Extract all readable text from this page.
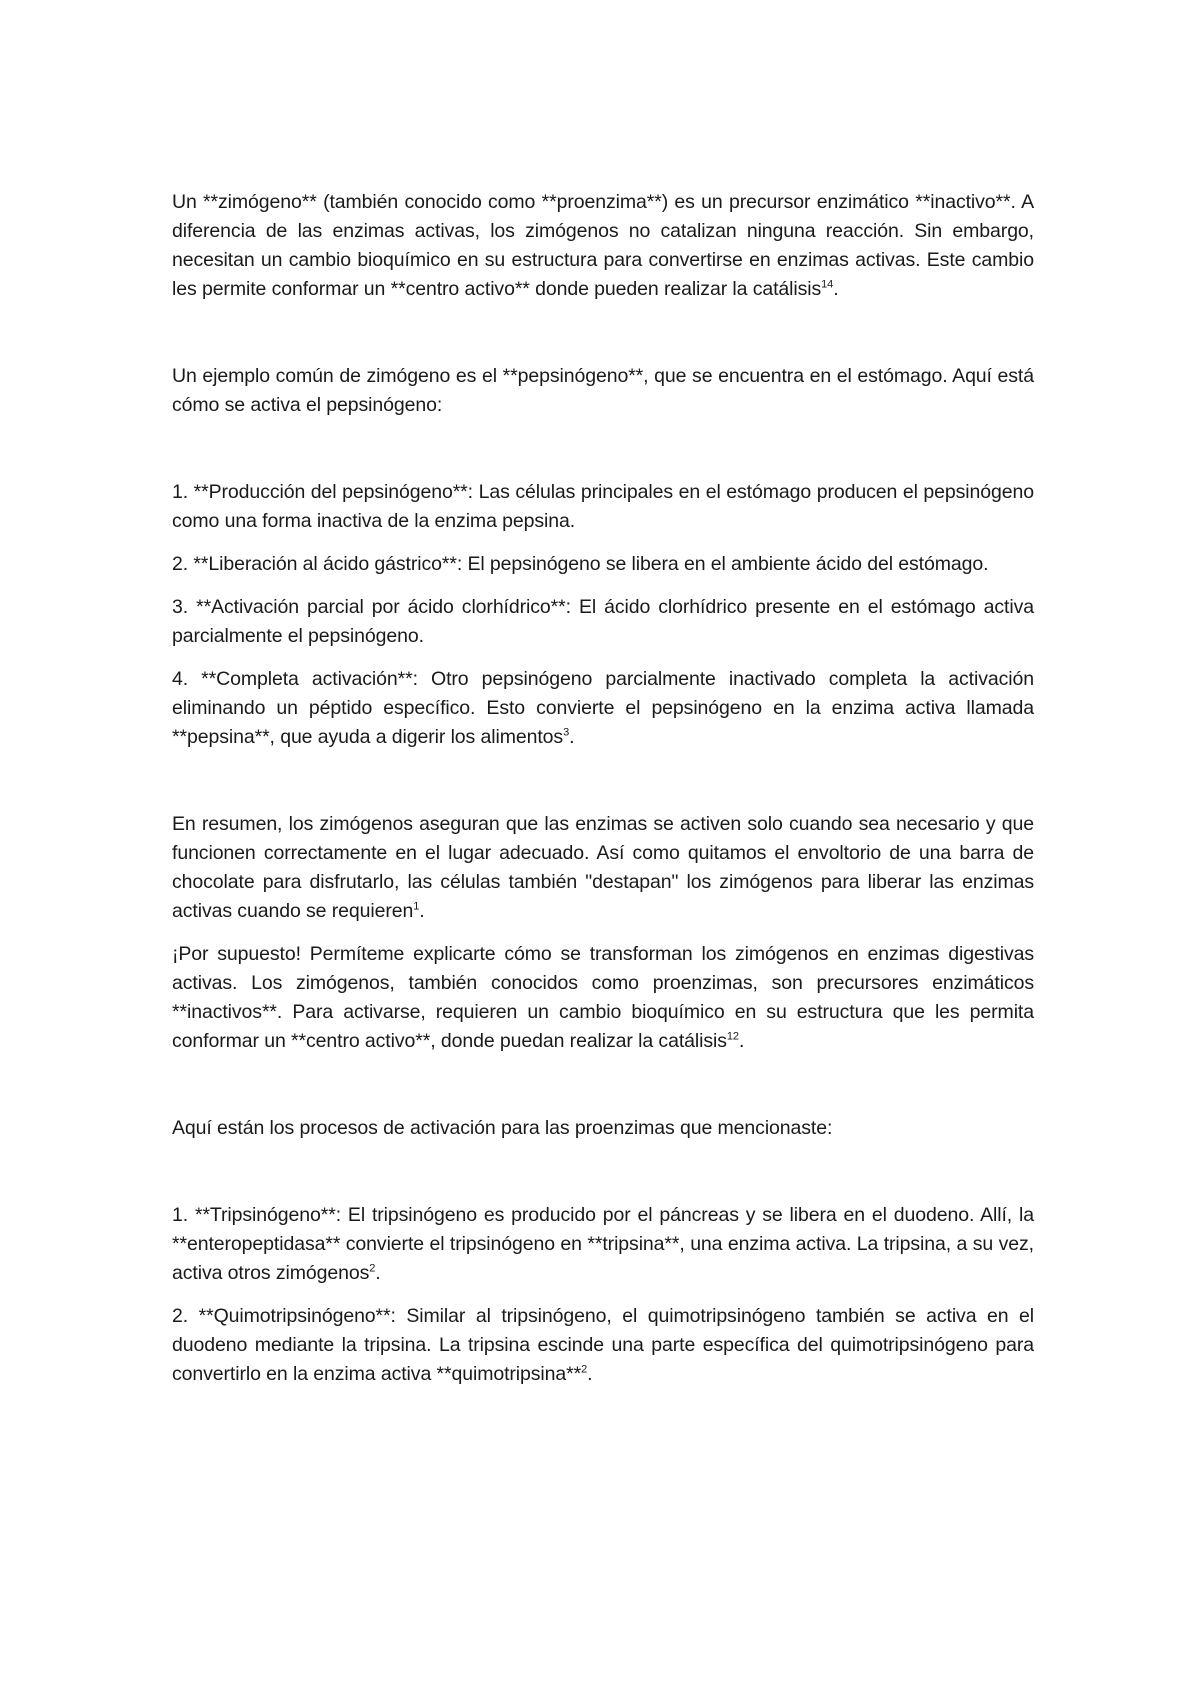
Un **zimógeno** (también conocido como **proenzima**) es un precursor enzimático **inactivo**. A diferencia de las enzimas activas, los zimógenos no catalizan ninguna reacción. Sin embargo, necesitan un cambio bioquímico en su estructura para convertirse en enzimas activas. Este cambio les permite conformar un **centro activo** donde pueden realizar la catálisis$^{14}$.

Un ejemplo común de zimógeno es el **pepsinógeno**, que se encuentra en el estómago. Aquí está cómo se activa el pepsinógeno:

1. **Producción del pepsinógeno**: Las células principales en el estómago producen el pepsinógeno como una forma inactiva de la enzima pepsina.

2. **Liberación al ácido gástrico**: El pepsinógeno se libera en el ambiente ácido del estómago.

3. **Activación parcial por ácido clorhídrico**: El ácido clorhídrico presente en el estómago activa parcialmente el pepsinógeno.

4. **Completa activación**: Otro pepsinógeno parcialmente inactivado completa la activación eliminando un péptido específico. Esto convierte el pepsinógeno en la enzima activa llamada **pepsina**, que ayuda a digerir los alimentos$^3$.

En resumen, los zimógenos aseguran que las enzimas se activen solo cuando sea necesario y que funcionen correctamente en el lugar adecuado. Así como quitamos el envoltorio de una barra de chocolate para disfrutarlo, las células también "destapan" los zimógenos para liberar las enzimas activas cuando se requieren$^1$.

¡Por supuesto! Permíteme explicarte cómo se transforman los zimógenos en enzimas digestivas activas. Los zimógenos, también conocidos como proenzimas, son precursores enzimáticos **inactivos**. Para activarse, requieren un cambio bioquímico en su estructura que les permita conformar un **centro activo**, donde puedan realizar la catálisis$^{12}$.

Aquí están los procesos de activación para las proenzimas que mencionaste:

1. **Tripsinógeno**: El tripsinógeno es producido por el páncreas y se libera en el duodeno. Allí, la **enteropeptidasa** convierte el tripsinógeno en **tripsina**, una enzima activa. La tripsina, a su vez, activa otros zimógenos$^2$.

2. **Quimotripsinógeno**: Similar al tripsinógeno, el quimotripsinógeno también se activa en el duodeno mediante la tripsina. La tripsina escinde una parte específica del quimotripsinógeno para convertirlo en la enzima activa **quimotripsina**$^2$.
